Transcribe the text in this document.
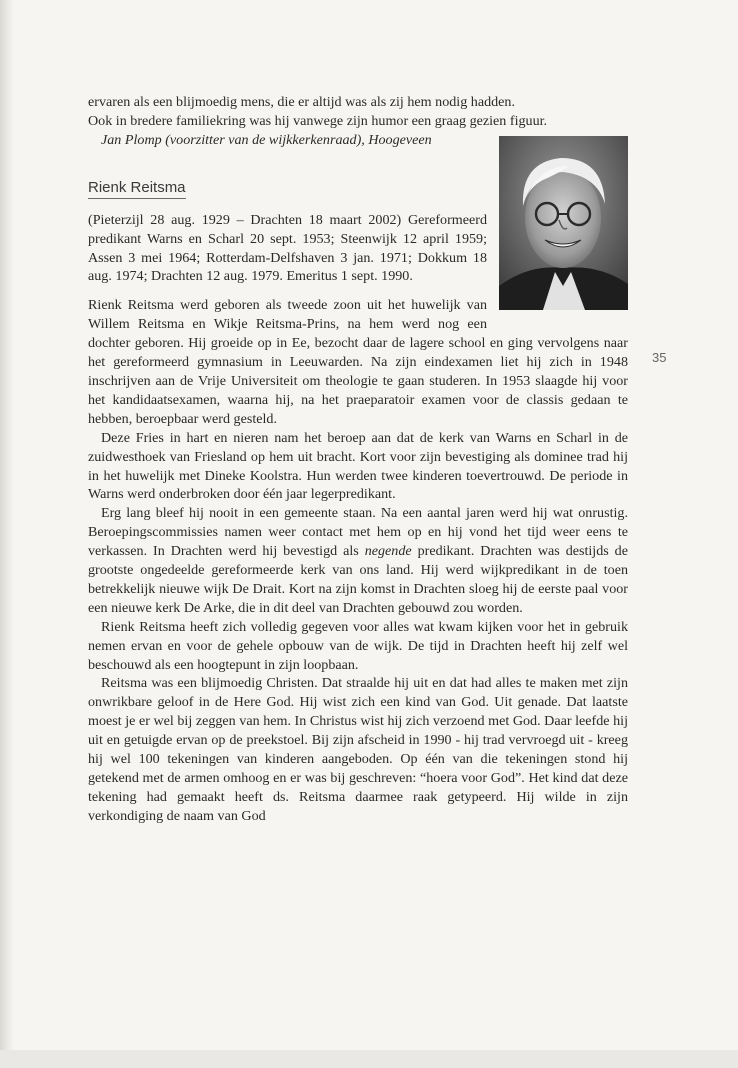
ervaren als een blijmoedig mens, die er altijd was als zij hem nodig hadden.

Ook in bredere familiekring was hij vanwege zijn humor een graag gezien figuur.

Jan Plomp (voorzitter van de wijkkerkenraad), Hoogeveen

Rienk Reitsma

(Pieterzijl 28 aug. 1929 – Drachten 18 maart 2002) Gereformeerd predikant Warns en Scharl 20 sept. 1953; Steenwijk 12 april 1959; Assen 3 mei 1964; Rotterdam-Delfshaven 3 jan. 1971; Dokkum 18 aug. 1974; Drachten 12 aug. 1979. Emeritus 1 sept. 1990.

Rienk Reitsma werd geboren als tweede zoon uit het huwelijk van Willem Reitsma en Wikje Reitsma-Prins, na hem werd nog een dochter geboren. Hij groeide op in Ee, bezocht daar de lagere school en ging vervolgens naar het gereformeerd gymnasium in Leeuwarden. Na zijn eindexamen liet hij zich in 1948 inschrijven aan de Vrije Universiteit om theologie te gaan studeren. In 1953 slaagde hij voor het kandidaatsexamen, waarna hij, na het praeparatoir examen voor de classis gedaan te hebben, beroepbaar werd gesteld.

Deze Fries in hart en nieren nam het beroep aan dat de kerk van Warns en Scharl in de zuidwesthoek van Friesland op hem uit bracht. Kort voor zijn bevestiging als dominee trad hij in het huwelijk met Dineke Koolstra. Hun werden twee kinderen toevertrouwd. De periode in Warns werd onderbroken door één jaar legerpredikant.

Erg lang bleef hij nooit in een gemeente staan. Na een aantal jaren werd hij wat onrustig. Beroepingscommissies namen weer contact met hem op en hij vond het tijd weer eens te verkassen. In Drachten werd hij bevestigd als negende predikant. Drachten was destijds de grootste ongedeelde gereformeerde kerk van ons land. Hij werd wijkpredikant in de toen betrekkelijk nieuwe wijk De Drait. Kort na zijn komst in Drachten sloeg hij de eerste paal voor een nieuwe kerk De Arke, die in dit deel van Drachten gebouwd zou worden.

Rienk Reitsma heeft zich volledig gegeven voor alles wat kwam kijken voor het in gebruik nemen ervan en voor de gehele opbouw van de wijk. De tijd in Drachten heeft hij zelf wel beschouwd als een hoogtepunt in zijn loopbaan.

Reitsma was een blijmoedig Christen. Dat straalde hij uit en dat had alles te maken met zijn onwrikbare geloof in de Here God. Hij wist zich een kind van God. Uit genade. Dat laatste moest je er wel bij zeggen van hem. In Christus wist hij zich verzoend met God. Daar leefde hij uit en getuigde ervan op de preekstoel. Bij zijn afscheid in 1990 - hij trad vervroegd uit - kreeg hij wel 100 tekeningen van kinderen aangeboden. Op één van die tekeningen stond hij getekend met de armen omhoog en er was bij geschreven: “hoera voor God”. Het kind dat deze tekening had gemaakt heeft ds. Reitsma daarmee raak getypeerd. Hij wilde in zijn verkondiging de naam van God

35
